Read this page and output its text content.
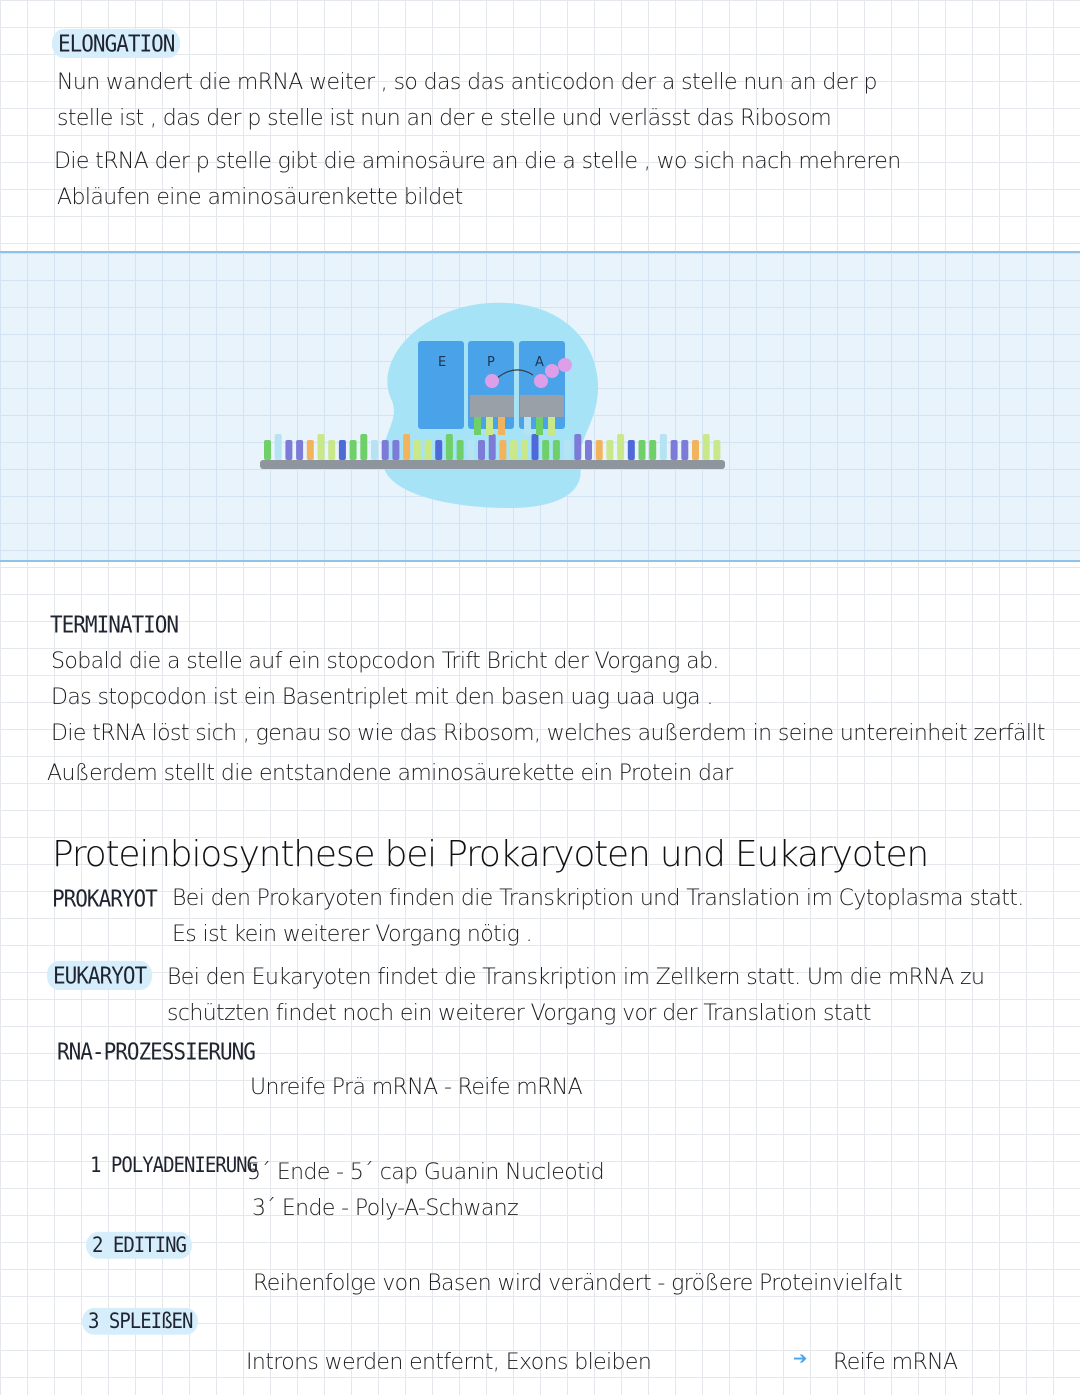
ELONGATION
Nun wandert die mRNA weiter , so das das anticodon der a stelle nun an der p
stelle ist , das der p stelle ist nun an der e stelle und verlässt das Ribosom
Die tRNA der p stelle gibt die aminosäure an die a stelle , wo sich nach mehreren
Abläufen eine aminosäurenkette bildet
E	P	A
TERMINATION
Sobald die a stelle auf ein stopcodon Trift Bricht der Vorgang ab.
Das stopcodon ist ein Basentriplet mit den basen uag uaa uga .
Die tRNA löst sich , genau so wie das Ribosom, welches außerdem in seine untereinheit zerfällt
Außerdem stellt die entstandene aminosäurekette ein Protein dar
Proteinbiosynthese bei Prokaryoten und Eukaryoten
PROKARYOT Bei den Prokaryoten finden die Transkription und Translation im Cytoplasma statt.
Es ist kein weiterer Vorgang nötig .
EUKARYOT Bei den Eukaryoten findet die Transkription im Zellkern statt. Um die mRNA zu
schützten findet noch ein weiterer Vorgang vor der Translation statt
RNA-PROZESSIERUNG
Unreife Prä mRNA - Reife mRNA
1 POLYADENIERUNG
5´ Ende - 5´ cap Guanin Nucleotid
3´ Ende - Poly-A-Schwanz
2 EDITING
Reihenfolge von Basen wird verändert - größere Proteinvielfalt
3 SPLEIßEN
Introns werden entfernt, Exons bleiben	➔ Reife mRNA
